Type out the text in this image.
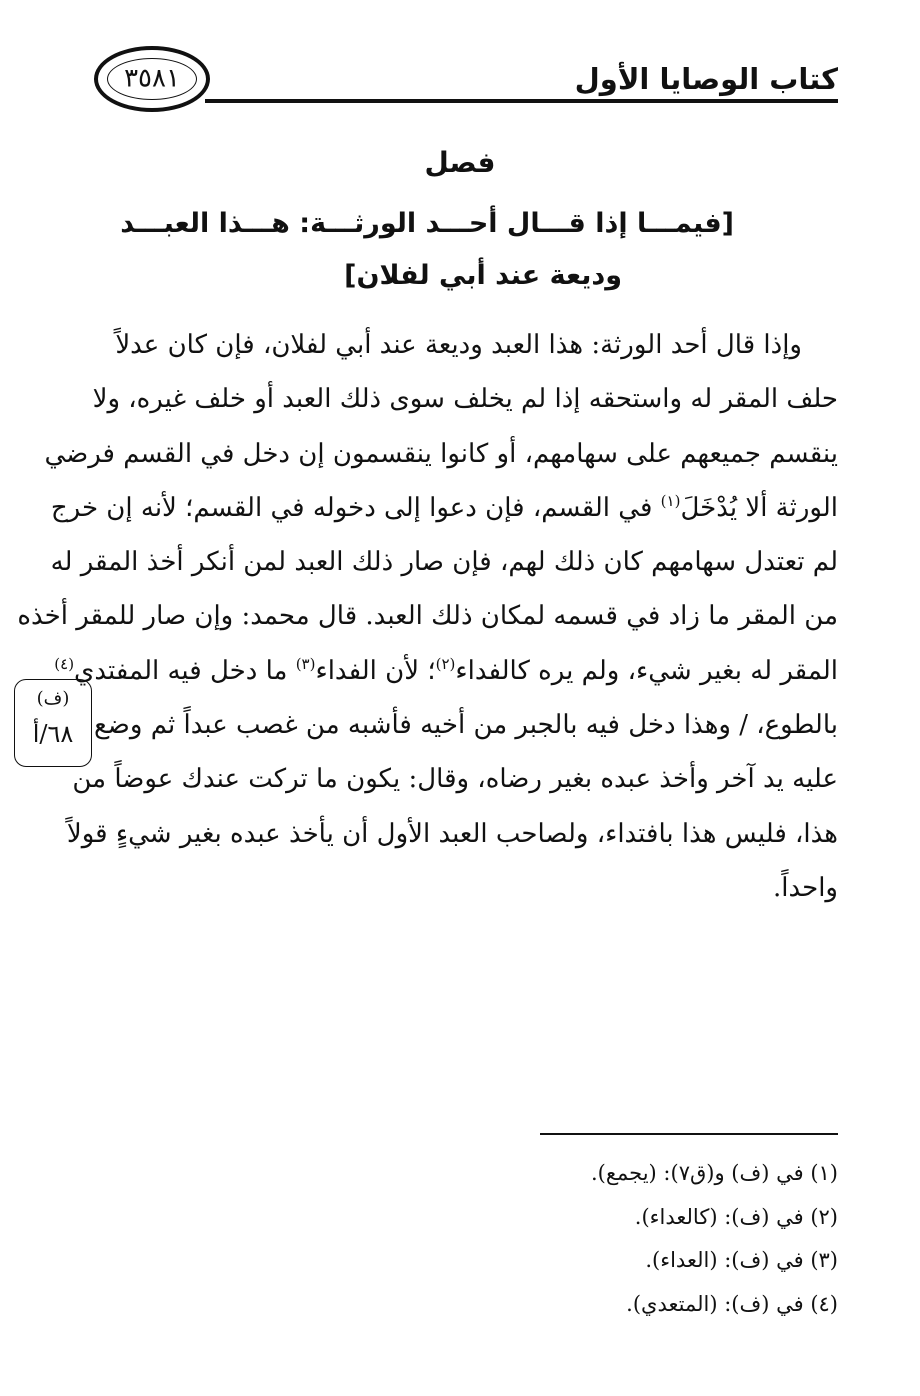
كتاب الوصايا الأول
٣٥٨١
فصل
[فيمـــا إذا قـــال أحـــد الورثـــة: هـــذا العبـــد
وديعة عند أبي لفلان]
وإذا قال أحد الورثة: هذا العبد وديعة عند أبي لفلان، فإن كان عدلاً
حلف المقر له واستحقه إذا لم يخلف سوى ذلك العبد أو خلف غيره، ولا
ينقسم جميعهم على سهامهم، أو كانوا ينقسمون إن دخل في القسم فرضي
الورثة ألا يُدْخَلَ$^{(١)}$ في القسم، فإن دعوا إلى دخوله في القسم؛ لأنه إن خرج
لم تعتدل سهامهم كان ذلك لهم، فإن صار ذلك العبد لمن أنكر أخذ المقر له
من المقر ما زاد في قسمه لمكان ذلك العبد. قال محمد: وإن صار للمقر أخذه
المقر له بغير شيء، ولم يره كالفداء$^{(٢)}$؛ لأن الفداء$^{(٣)}$ ما دخل فيه المفتدي$^{(٤)}$
بالطوع، / وهذا دخل فيه بالجبر من أخيه فأشبه من غصب عبداً ثم وضع
عليه يد آخر وأخذ عبده بغير رضاه، وقال: يكون ما تركت عندك عوضاً من
هذا، فليس هذا بافتداء، ولصاحب العبد الأول أن يأخذ عبده بغير شيءٍ قولاً
واحداً.
(ف)
٦٨/أ
(١) في (ف) و(ق٧): (يجمع).
(٢) في (ف): (كالعداء).
(٣) في (ف): (العداء).
(٤) في (ف): (المتعدي).
